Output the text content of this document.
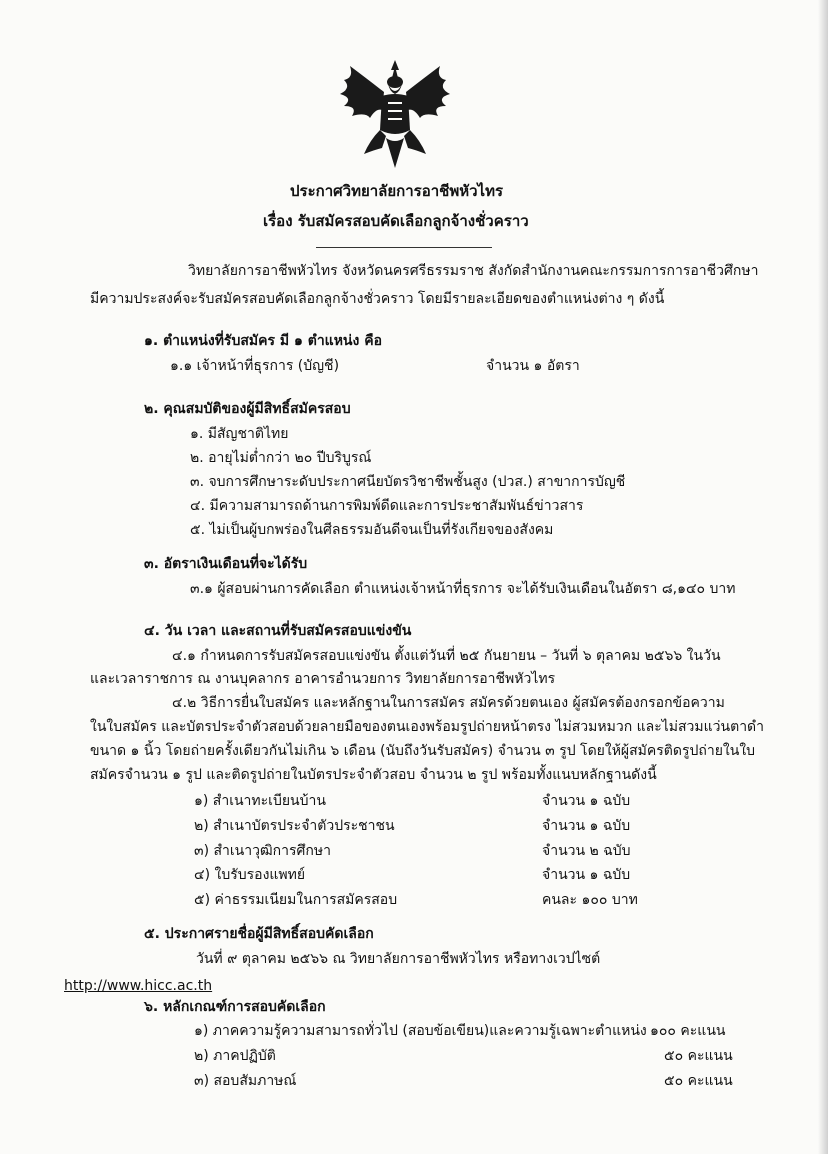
ประกาศวิทยาลัยการอาชีพหัวไทร
เรื่อง รับสมัครสอบคัดเลือกลูกจ้างชั่วคราว
วิทยาลัยการอาชีพหัวไทร จังหวัดนครศรีธรรมราช สังกัดสำนักงานคณะกรรมการการอาชีวศึกษา
มีความประสงค์จะรับสมัครสอบคัดเลือกลูกจ้างชั่วคราว โดยมีรายละเอียดของตำแหน่งต่าง ๆ ดังนี้
๑. ตำแหน่งที่รับสมัคร มี ๑ ตำแหน่ง คือ
๑.๑ เจ้าหน้าที่ธุรการ (บัญชี)	จำนวน ๑ อัตรา
๒. คุณสมบัติของผู้มีสิทธิ์สมัครสอบ
๑. มีสัญชาติไทย
๒. อายุไม่ต่ำกว่า ๒๐ ปีบริบูรณ์
๓. จบการศึกษาระดับประกาศนียบัตรวิชาชีพชั้นสูง (ปวส.) สาขาการบัญชี
๔. มีความสามารถด้านการพิมพ์ดีดและการประชาสัมพันธ์ข่าวสาร
๕. ไม่เป็นผู้บกพร่องในศีลธรรมอันดีจนเป็นที่รังเกียจของสังคม
๓. อัตราเงินเดือนที่จะได้รับ
๓.๑ ผู้สอบผ่านการคัดเลือก ตำแหน่งเจ้าหน้าที่ธุรการ จะได้รับเงินเดือนในอัตรา ๘,๑๔๐ บาท
๔. วัน เวลา และสถานที่รับสมัครสอบแข่งขัน
๔.๑ กำหนดการรับสมัครสอบแข่งขัน ตั้งแต่วันที่ ๒๕ กันยายน – วันที่ ๖ ตุลาคม ๒๕๖๖ ในวัน
และเวลาราชการ ณ งานบุคลากร อาคารอำนวยการ วิทยาลัยการอาชีพหัวไทร
๔.๒ วิธีการยื่นใบสมัคร และหลักฐานในการสมัคร สมัครด้วยตนเอง ผู้สมัครต้องกรอกข้อความ
ในใบสมัคร และบัตรประจำตัวสอบด้วยลายมือของตนเองพร้อมรูปถ่ายหน้าตรง ไม่สวมหมวก และไม่สวมแว่นตาดำ
ขนาด ๑ นิ้ว โดยถ่ายครั้งเดียวกันไม่เกิน ๖ เดือน (นับถึงวันรับสมัคร) จำนวน ๓ รูป โดยให้ผู้สมัครติดรูปถ่ายในใบ
สมัครจำนวน ๑ รูป และติดรูปถ่ายในบัตรประจำตัวสอบ จำนวน ๒ รูป พร้อมทั้งแนบหลักฐานดังนี้
๑) สำเนาทะเบียนบ้าน	จำนวน ๑ ฉบับ
๒) สำเนาบัตรประจำตัวประชาชน	จำนวน ๑ ฉบับ
๓) สำเนาวุฒิการศึกษา	จำนวน ๒ ฉบับ
๔) ใบรับรองแพทย์	จำนวน ๑ ฉบับ
๕) ค่าธรรมเนียมในการสมัครสอบ	คนละ ๑๐๐ บาท
๕. ประกาศรายชื่อผู้มีสิทธิ์สอบคัดเลือก
วันที่ ๙ ตุลาคม ๒๕๖๖ ณ วิทยาลัยการอาชีพหัวไทร หรือทางเวปไซต์
http://www.hicc.ac.th
๖. หลักเกณฑ์การสอบคัดเลือก
๑) ภาคความรู้ความสามารถทั่วไป (สอบข้อเขียน)และความรู้เฉพาะตำแหน่ง ๑๐๐ คะแนน
๒) ภาคปฏิบัติ	๕๐ คะแนน
๓) สอบสัมภาษณ์	๕๐ คะแนน
